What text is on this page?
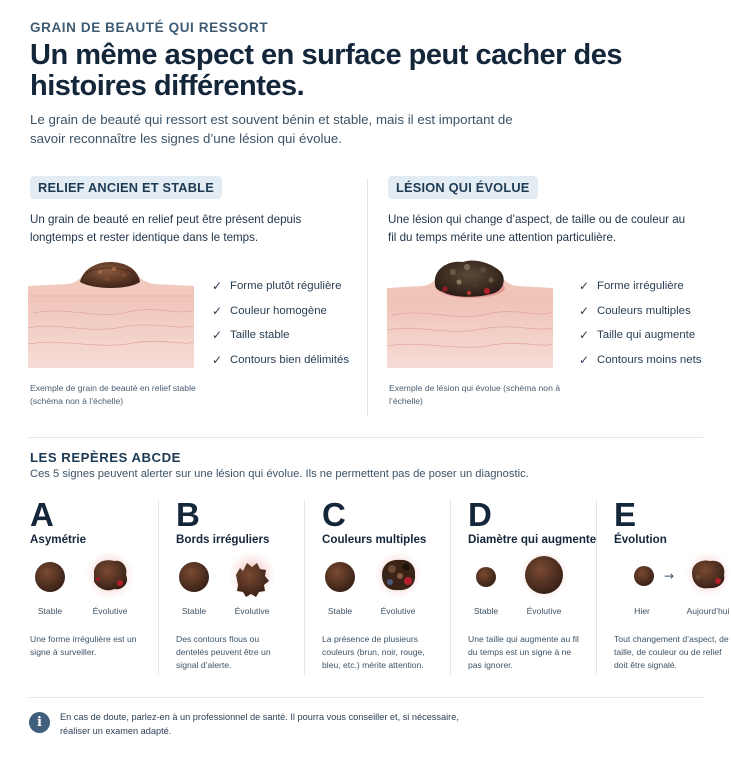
GRAIN DE BEAUTÉ QUI RESSORT
Un même aspect en surface peut cacher des histoires différentes.

Le grain de beauté qui ressort est souvent bénin et stable, mais il est important de savoir reconnaître les signes d’une lésion qui évolue.

RELIEF ANCIEN ET STABLE

Un grain de beauté en relief peut être présent depuis longtemps et rester identique dans le temps.

LÉSION QUI ÉVOLUE

Une lésion qui change d’aspect, de taille ou de couleur au fil du temps mérite une attention particulière.

✓ Forme plutôt régulière
✓ Couleur homogène
✓ Taille stable
✓ Contours bien délimités
✓ Forme irrégulière
✓ Couleurs multiples
✓ Taille qui augmente
✓ Contours moins nets

Exemple de grain de beauté en relief stable (schéma non à l’échelle)

Exemple de lésion qui évolue (schéma non à l’échelle)

LES REPÈRES ABCDE

Ces 5 signes peuvent alerter sur une lésion qui évolue. Ils ne permettent pas de poser un diagnostic.

A
Asymétrie
Stable	Évolutive

Une forme irrégulière est un signe à surveiller.

B
Bords irréguliers
Stable	Évolutive

Des contours flous ou dentelés peuvent être un signal d’alerte.

C
Couleurs multiples
Stable	Évolutive

La présence de plusieurs couleurs (brun, noir, rouge, bleu, etc.) mérite attention.

D
Diamètre qui augmente
Stable	Évolutive

Une taille qui augmente au fil du temps est un signe à ne pas ignorer.

E
Évolution
→
Hier	Aujourd’hui

Tout changement d’aspect, de taille, de couleur ou de relief doit être signalé.

i	En cas de doute, parlez-en à un professionnel de santé. Il pourra vous conseiller et, si nécessaire, réaliser un examen adapté.
